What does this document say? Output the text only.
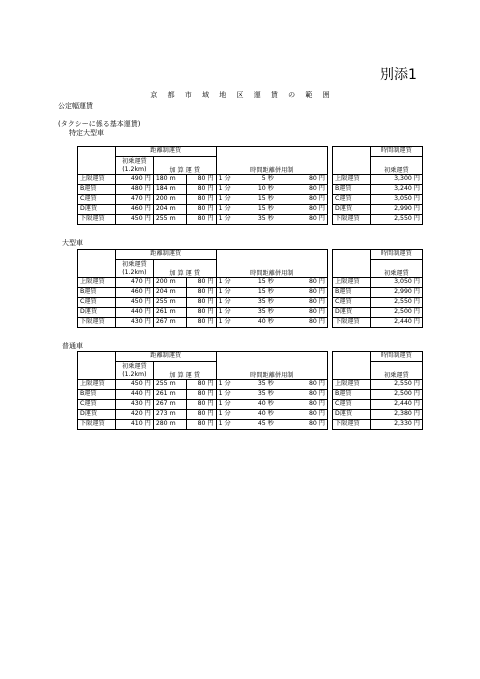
別添1
京 都 市 域 地 区 運 賃 の 範 囲
公定幅運賃
(タクシーに係る基本運賃)
特定大型車
	距離制運賃					
	初乗運賃
(1.2km)	加 算 運 賃		時間距離併用制		
上限運賃	490 円	180 m	80 円	1 分	5 秒	80 円
B運賃	480 円	184 m	80 円	1 分	10 秒	80 円
C運賃	470 円	200 m	80 円	1 分	15 秒	80 円
D運賃	460 円	204 m	80 円	1 分	15 秒	80 円
下限運賃	450 円	255 m	80 円	1 分	35 秒	80 円
	時間制運賃
	初乗運賃
上限運賃	3,300 円
B運賃	3,240 円
C運賃	3,050 円
D運賃	2,990 円
下限運賃	2,550 円
大型車
	距離制運賃					
	初乗運賃
(1.2km)	加 算 運 賃		時間距離併用制		
上限運賃	470 円	200 m	80 円	1 分	15 秒	80 円
B運賃	460 円	204 m	80 円	1 分	15 秒	80 円
C運賃	450 円	255 m	80 円	1 分	35 秒	80 円
D運賃	440 円	261 m	80 円	1 分	35 秒	80 円
下限運賃	430 円	267 m	80 円	1 分	40 秒	80 円
	時間制運賃
	初乗運賃
上限運賃	3,050 円
B運賃	2,990 円
C運賃	2,550 円
D運賃	2,500 円
下限運賃	2,440 円
普通車
	距離制運賃					
	初乗運賃
(1.2km)	加 算 運 賃		時間距離併用制		
上限運賃	450 円	255 m	80 円	1 分	35 秒	80 円
B運賃	440 円	261 m	80 円	1 分	35 秒	80 円
C運賃	430 円	267 m	80 円	1 分	40 秒	80 円
D運賃	420 円	273 m	80 円	1 分	40 秒	80 円
下限運賃	410 円	280 m	80 円	1 分	45 秒	80 円
	時間制運賃
	初乗運賃
上限運賃	2,550 円
B運賃	2,500 円
C運賃	2,440 円
D運賃	2,380 円
下限運賃	2,330 円
